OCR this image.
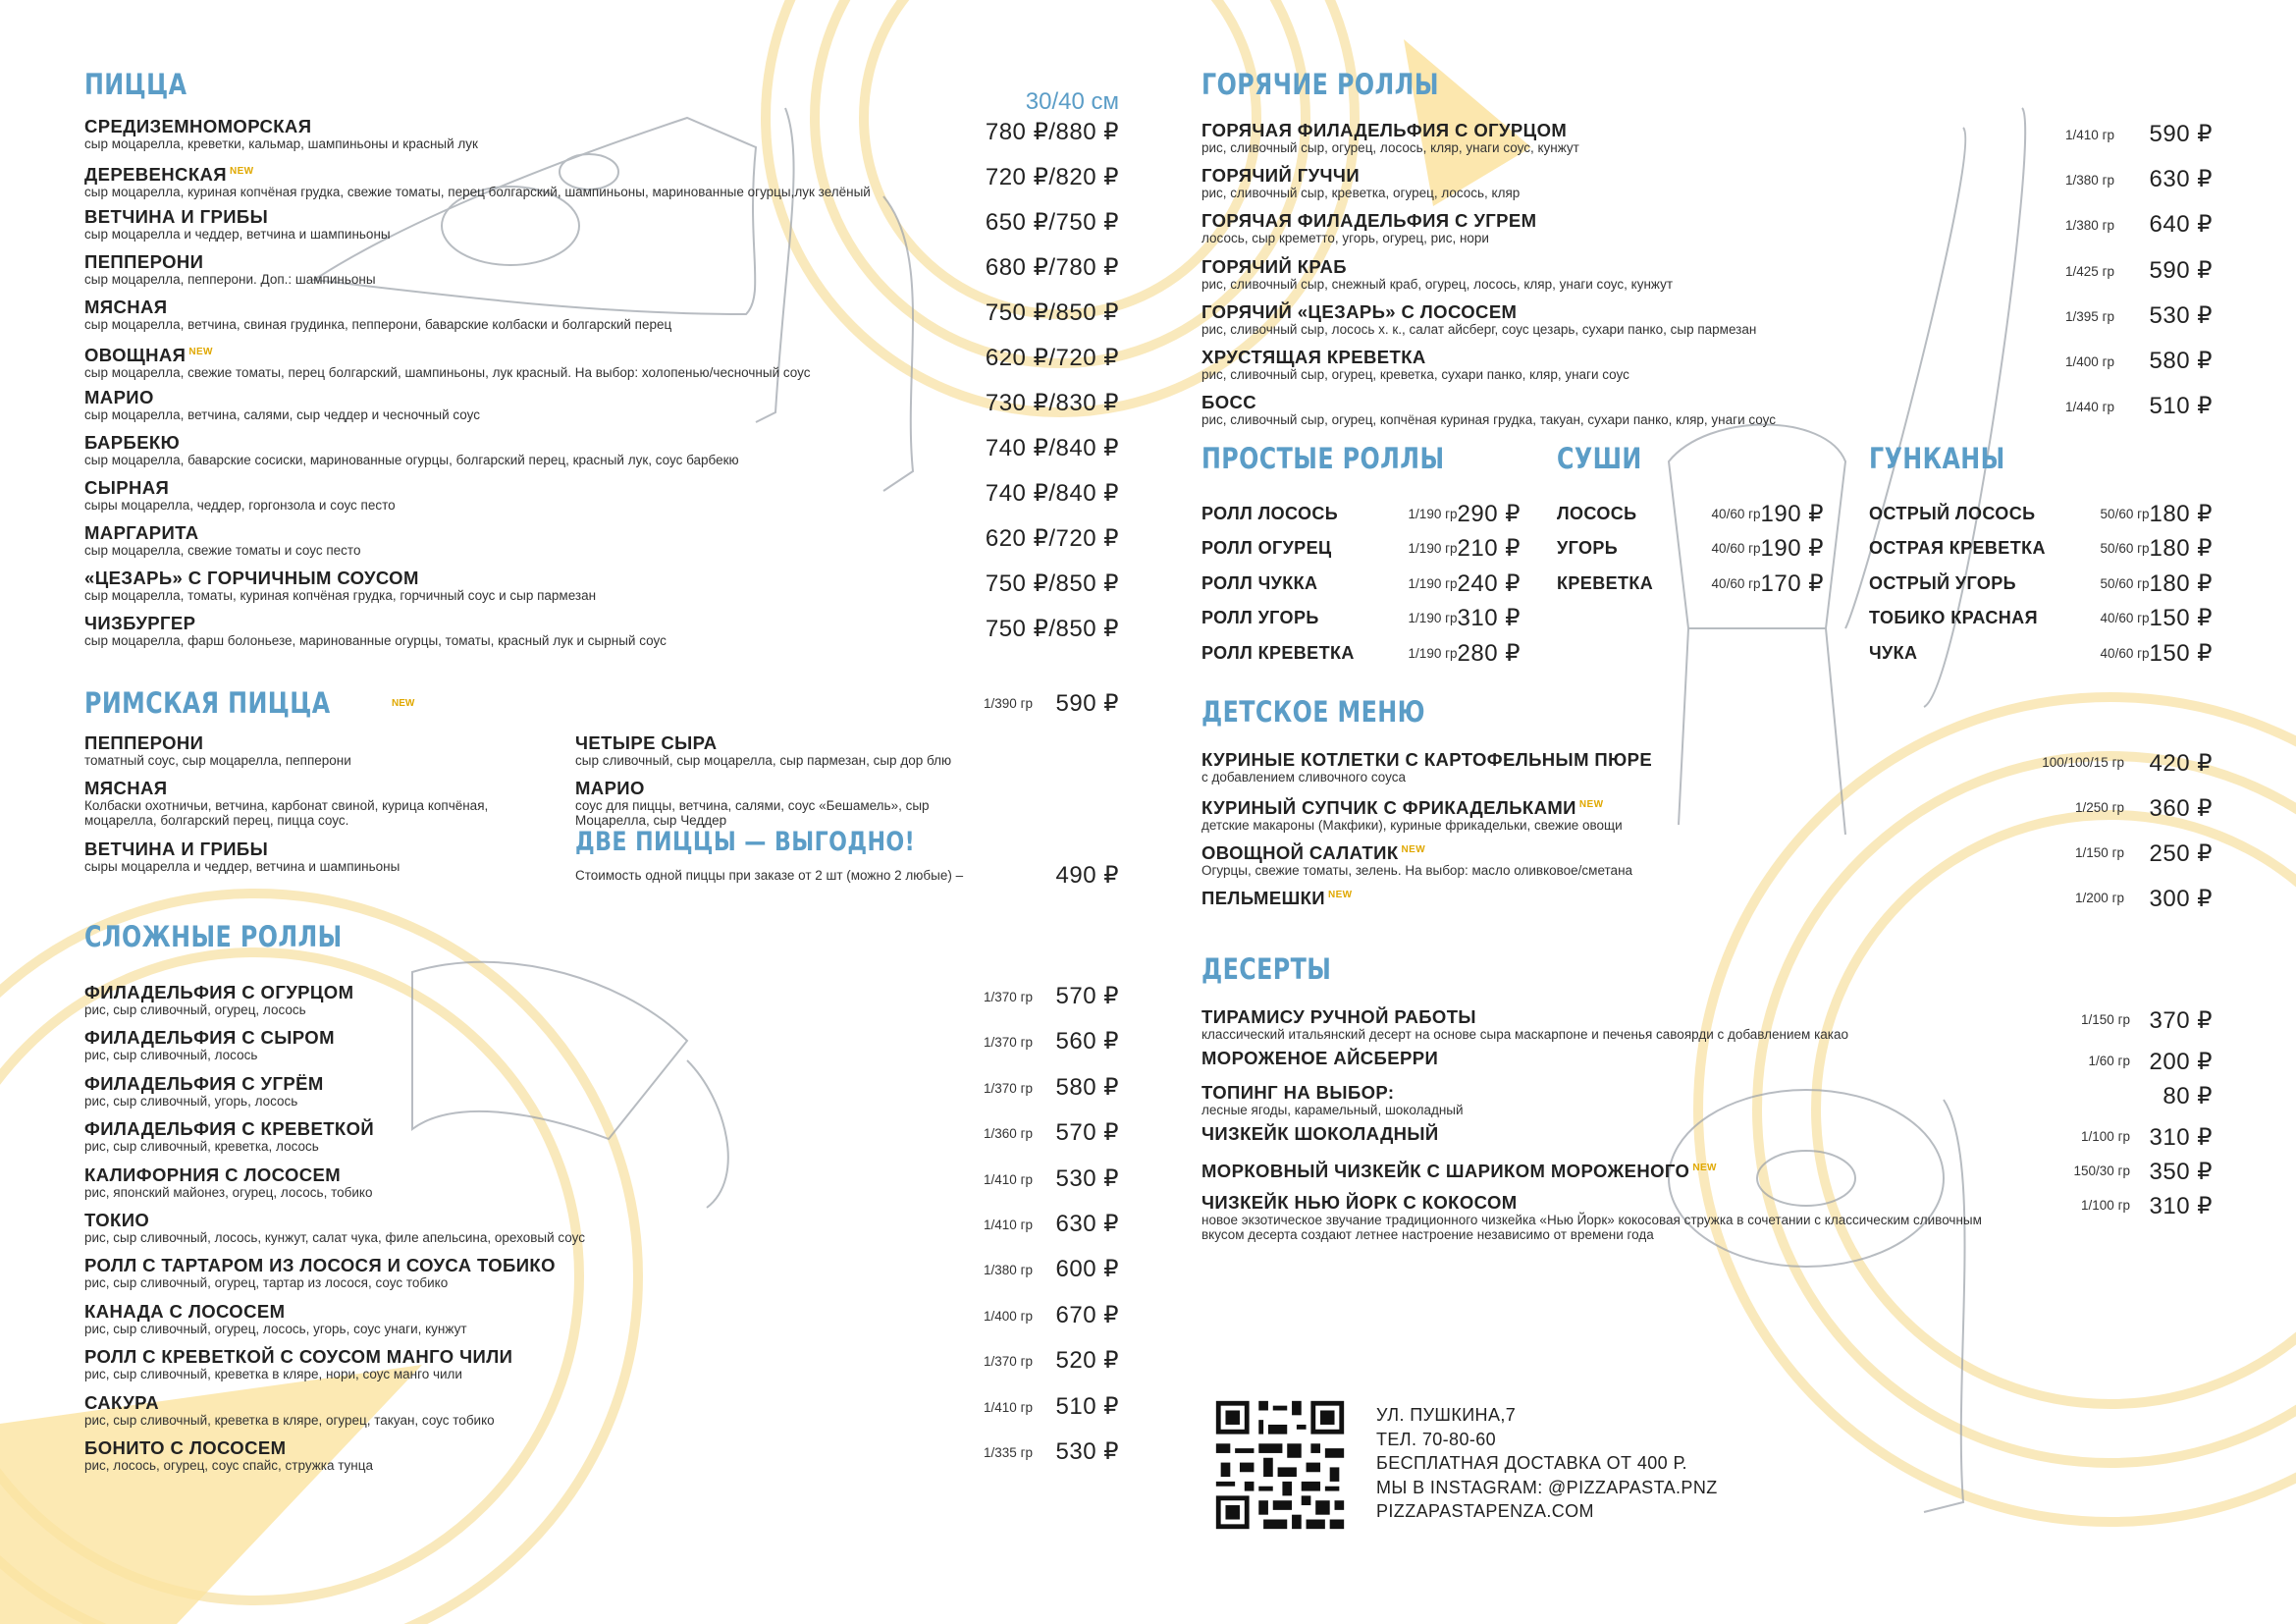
ПИЦЦА
30/40 см
СРЕДИЗЕМНОМОРСКАЯ
сыр моцарелла, креветки, кальмар, шампиньоны и красный лук	780 ₽/880 ₽
ДЕРЕВЕНСКАЯ $^{NEW}$
сыр моцарелла, куриная копчёная грудка, свежие томаты, перец болгарский, шампиньоны, маринованные огурцы,лук зелёный
720 ₽/820 ₽
ВЕТЧИНА И ГРИБЫ
сыр моцарелла и чеддер, ветчина и шампиньоны	650 ₽/750 ₽
ПЕППЕРОНИ
сыр моцарелла, пепперони. Доп.: шампиньоны	680 ₽/780 ₽
МЯСНАЯ
сыр моцарелла, ветчина, свиная грудинка, пепперони, баварские колбаски и болгарский перец	750 ₽/850 ₽
ОВОЩНАЯ $^{NEW}$
сыр моцарелла, свежие томаты, перец болгарский, шампиньоны, лук красный. На выбор: холопенью/чесночный соус
620 ₽/720 ₽
МАРИО
сыр моцарелла, ветчина, салями, сыр чеддер и чесночный соус	730 ₽/830 ₽
БАРБЕКЮ
сыр моцарелла, баварские сосиски, маринованные огурцы, болгарский перец, красный лук, соус барбекю	740 ₽/840 ₽
СЫРНАЯ
сыры моцарелла, чеддер, горгонзола и соус песто	740 ₽/840 ₽
МАРГАРИТА
сыр моцарелла, свежие томаты и соус песто	620 ₽/720 ₽
«ЦЕЗАРЬ» С ГОРЧИЧНЫМ СОУСОМ
сыр моцарелла, томаты, куриная копчёная грудка, горчичный соус и сыр пармезан	750 ₽/850 ₽
ЧИЗБУРГЕР
сыр моцарелла, фарш болоньезе, маринованные огурцы, томаты, красный лук и сырный соус	750 ₽/850 ₽
РИМСКАЯ ПИЦЦА	$^{NEW}$	1/390 гр 590 ₽
ПЕППЕРОНИ
томатный соус, сыр моцарелла, пепперони
ЧЕТЫРЕ СЫРА
сыр сливочный, сыр моцарелла, сыр пармезан, сыр дор блю
МЯСНАЯ
Колбаски охотничьи, ветчина, карбонат свиной, курица копчёная, моцарелла, болгарский перец, пицца соус.
МАРИО
соус для пиццы, ветчина, салями, соус «Бешамель», сыр Моцарелла, сыр Чеддер
ВЕТЧИНА И ГРИБЫ
сыры моцарелла и чеддер, ветчина и шампиньоны
ДВЕ ПИЦЦЫ — ВЫГОДНО!
Стоимость одной пиццы при заказе от 2 шт (можно 2 любые) –	490 ₽
СЛОЖНЫЕ РОЛЛЫ
ФИЛАДЕЛЬФИЯ С ОГУРЦОМ
рис, сыр сливочный, огурец, лосось
1/370 гр 570 ₽
ФИЛАДЕЛЬФИЯ С СЫРОМ
рис, сыр сливочный, лосось
1/370 гр 560 ₽
ФИЛАДЕЛЬФИЯ С УГРЁМ
рис, сыр сливочный, угорь, лосось
1/370 гр 580 ₽
ФИЛАДЕЛЬФИЯ С КРЕВЕТКОЙ
рис, сыр сливочный, креветка, лосось
1/360 гр 570 ₽
КАЛИФОРНИЯ С ЛОСОСЕМ
рис, японский майонез, огурец, лосось, тобико
1/410 гр 530 ₽
ТОКИО
рис, сыр сливочный, лосось, кунжут, салат чука, филе апельсина, ореховый соус
1/410 гр 630 ₽
РОЛЛ С ТАРТАРОМ ИЗ ЛОСОСЯ И СОУСА ТОБИКО
рис, сыр сливочный, огурец, тартар из лосося, соус тобико
1/380 гр 600 ₽
КАНАДА С ЛОСОСЕМ
рис, сыр сливочный, огурец, лосось, угорь, соус унаги, кунжут
1/400 гр 670 ₽
РОЛЛ С КРЕВЕТКОЙ С СОУСОМ МАНГО ЧИЛИ
рис, сыр сливочный, креветка в кляре, нори, соус манго чили
1/370 гр 520 ₽
САКУРА
рис, сыр сливочный, креветка в кляре, огурец, такуан, соус тобико
1/410 гр 510 ₽
БОНИТО С ЛОСОСЕМ
рис, лосось, огурец, соус спайс, стружка тунца
1/335 гр 530 ₽
ГОРЯЧИЕ РОЛЛЫ
ГОРЯЧАЯ ФИЛАДЕЛЬФИЯ С ОГУРЦОМ
рис, сливочный сыр, огурец, лосось, кляр, унаги соус, кунжут
1/410 гр	590 ₽
ГОРЯЧИЙ ГУЧЧИ
рис, сливочный сыр, креветка, огурец, лосось, кляр
1/380 гр	630 ₽
ГОРЯЧАЯ ФИЛАДЕЛЬФИЯ С УГРЕМ
лосось, сыр креметто, угорь, огурец, рис, нори
1/380 гр	640 ₽
ГОРЯЧИЙ КРАБ
рис, сливочный сыр, снежный краб, огурец, лосось, кляр, унаги соус, кунжут
1/425 гр	590 ₽
ГОРЯЧИЙ «ЦЕЗАРЬ» С ЛОСОСЕМ
рис, сливочный сыр, лосось х. к., салат айсберг, соус цезарь, сухари панко, сыр пармезан
1/395 гр	530 ₽
ХРУСТЯЩАЯ КРЕВЕТКА
рис, сливочный сыр, огурец, креветка, сухари панко, кляр, унаги соус
1/400 гр	580 ₽
БОСС
рис, сливочный сыр, огурец, копчёная куриная грудка, такуан, сухари панко, кляр, унаги соус
1/440 гр	510 ₽
ПРОСТЫЕ РОЛЛЫ
РОЛЛ ЛОСОСЬ	1/190 гр 290 ₽
РОЛЛ ОГУРЕЦ	1/190 гр 210 ₽
РОЛЛ ЧУККА	1/190 гр 240 ₽
РОЛЛ УГОРЬ	1/190 гр 310 ₽
РОЛЛ КРЕВЕТКА	1/190 гр 280 ₽
СУШИ
ЛОСОСЬ	40/60 гр 190 ₽
УГОРЬ	40/60 гр 190 ₽
КРЕВЕТКА	40/60 гр 170 ₽
ГУНКАНЫ
ОСТРЫЙ ЛОСОСЬ	50/60 гр 180 ₽
ОСТРАЯ КРЕВЕТКА	50/60 гр 180 ₽
ОСТРЫЙ УГОРЬ	50/60 гр 180 ₽
ТОБИКО КРАСНАЯ	40/60 гр 150 ₽
ЧУКА	40/60 гр 150 ₽
ДЕТСКОЕ МЕНЮ
КУРИНЫЕ КОТЛЕТКИ С КАРТОФЕЛЬНЫМ ПЮРЕ
с добавлением сливочного соуса
100/100/15 гр	420 ₽
КУРИНЫЙ СУПЧИК С ФРИКАДЕЛЬКАМИ $^{NEW}$
детские макароны (Макфики), куриные фрикадельки, свежие овощи
1/250 гр	360 ₽
ОВОЩНОЙ САЛАТИК $^{NEW}$
Огурцы, свежие томаты, зелень. На выбор: масло оливковое/сметана
1/150 гр	250 ₽
ПЕЛЬМЕШКИ $^{NEW}$	1/200 гр	300 ₽
ДЕСЕРТЫ
ТИРАМИСУ РУЧНОЙ РАБОТЫ
классический итальянский десерт на основе сыра маскарпоне и печенья савоярди с добавлением какао
1/150 гр 370 ₽
МОРОЖЕНОЕ АЙСБЕРРИ	1/60 гр 200 ₽
ТОПИНГ НА ВЫБОР:
лесные ягоды, карамельный, шоколадный
80 ₽
ЧИЗКЕЙК ШОКОЛАДНЫЙ	1/100 гр 310 ₽
МОРКОВНЫЙ ЧИЗКЕЙК С ШАРИКОМ МОРОЖЕНОГО $^{NEW}$	150/30 гр 350 ₽
ЧИЗКЕЙК НЬЮ ЙОРК С КОКОСОМ
новое экзотическое звучание традиционного чизкейка «Нью Йорк» кокосовая стружка в сочетании с классическим сливочным вкусом десерта создают летнее настроение независимо от времени года
1/100 гр 310 ₽
УЛ. ПУШКИНА,7
ТЕЛ. 70-80-60
БЕСПЛАТНАЯ ДОСТАВКА ОТ 400 Р.
МЫ В INSTAGRAM: @PIZZAPASTA.PNZ
PIZZAPASTAPENZA.COM
